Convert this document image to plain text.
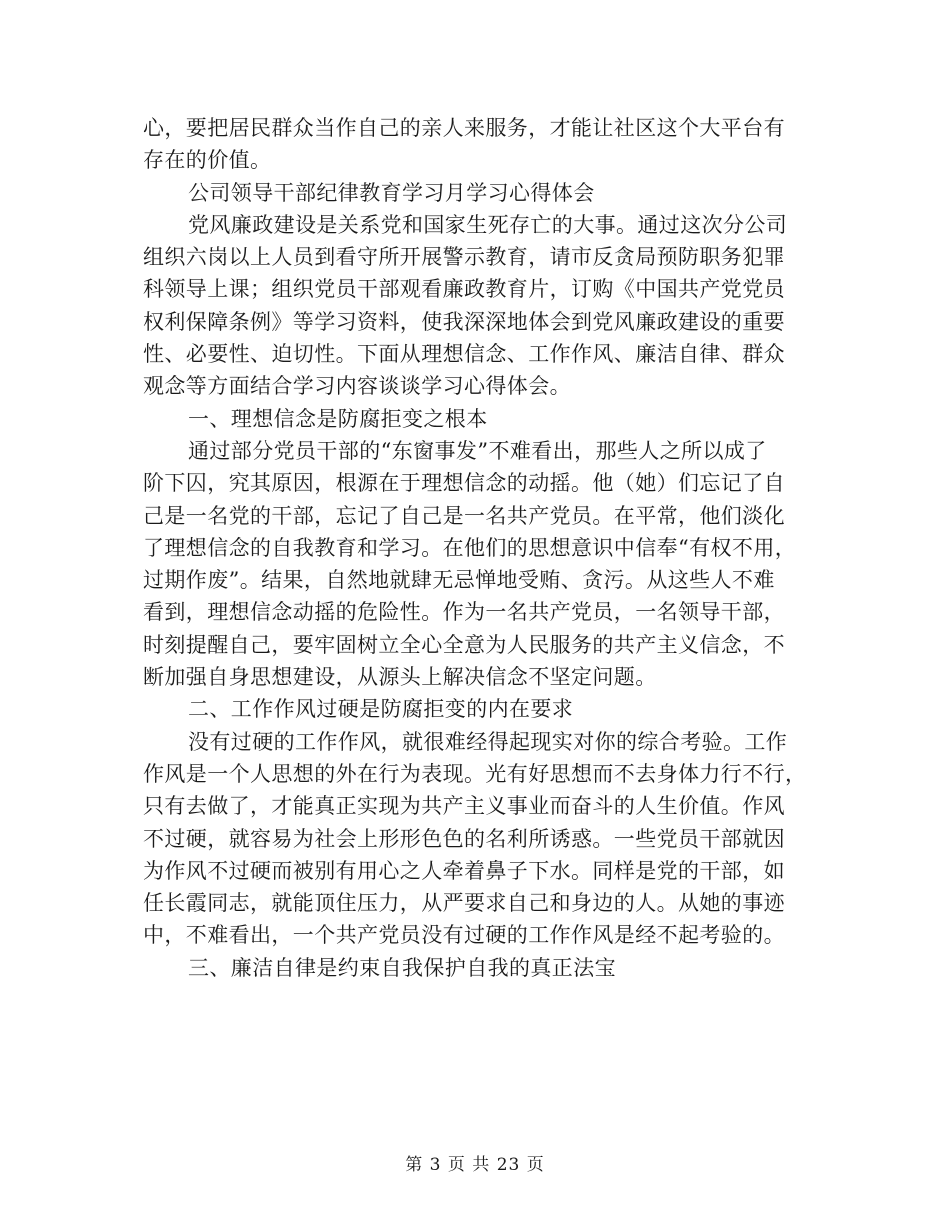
心，要把居民群众当作自己的亲人来服务，才能让社区这个大平台有
存在的价值。
公司领导干部纪律教育学习月学习心得体会
党风廉政建设是关系党和国家生死存亡的大事。通过这次分公司
组织六岗以上人员到看守所开展警示教育，请市反贪局预防职务犯罪
科领导上课；组织党员干部观看廉政教育片，订购《中国共产党党员
权利保障条例》等学习资料，使我深深地体会到党风廉政建设的重要
性、必要性、迫切性。下面从理想信念、工作作风、廉洁自律、群众
观念等方面结合学习内容谈谈学习心得体会。
一、理想信念是防腐拒变之根本
通过部分党员干部的“东窗事发”不难看出，那些人之所以成了
阶下囚，究其原因，根源在于理想信念的动摇。他（她）们忘记了自
己是一名党的干部，忘记了自己是一名共产党员。在平常，他们淡化
了理想信念的自我教育和学习。在他们的思想意识中信奉“有权不用，
过期作废”。结果，自然地就肆无忌惮地受贿、贪污。从这些人不难
看到，理想信念动摇的危险性。作为一名共产党员，一名领导干部，
时刻提醒自己，要牢固树立全心全意为人民服务的共产主义信念，不
断加强自身思想建设，从源头上解决信念不坚定问题。
二、工作作风过硬是防腐拒变的内在要求
没有过硬的工作作风，就很难经得起现实对你的综合考验。工作
作风是一个人思想的外在行为表现。光有好思想而不去身体力行不行，
只有去做了，才能真正实现为共产主义事业而奋斗的人生价值。作风
不过硬，就容易为社会上形形色色的名利所诱惑。一些党员干部就因
为作风不过硬而被别有用心之人牵着鼻子下水。同样是党的干部，如
任长霞同志，就能顶住压力，从严要求自己和身边的人。从她的事迹
中，不难看出，一个共产党员没有过硬的工作作风是经不起考验的。
三、廉洁自律是约束自我保护自我的真正法宝
第 3 页 共 23 页
